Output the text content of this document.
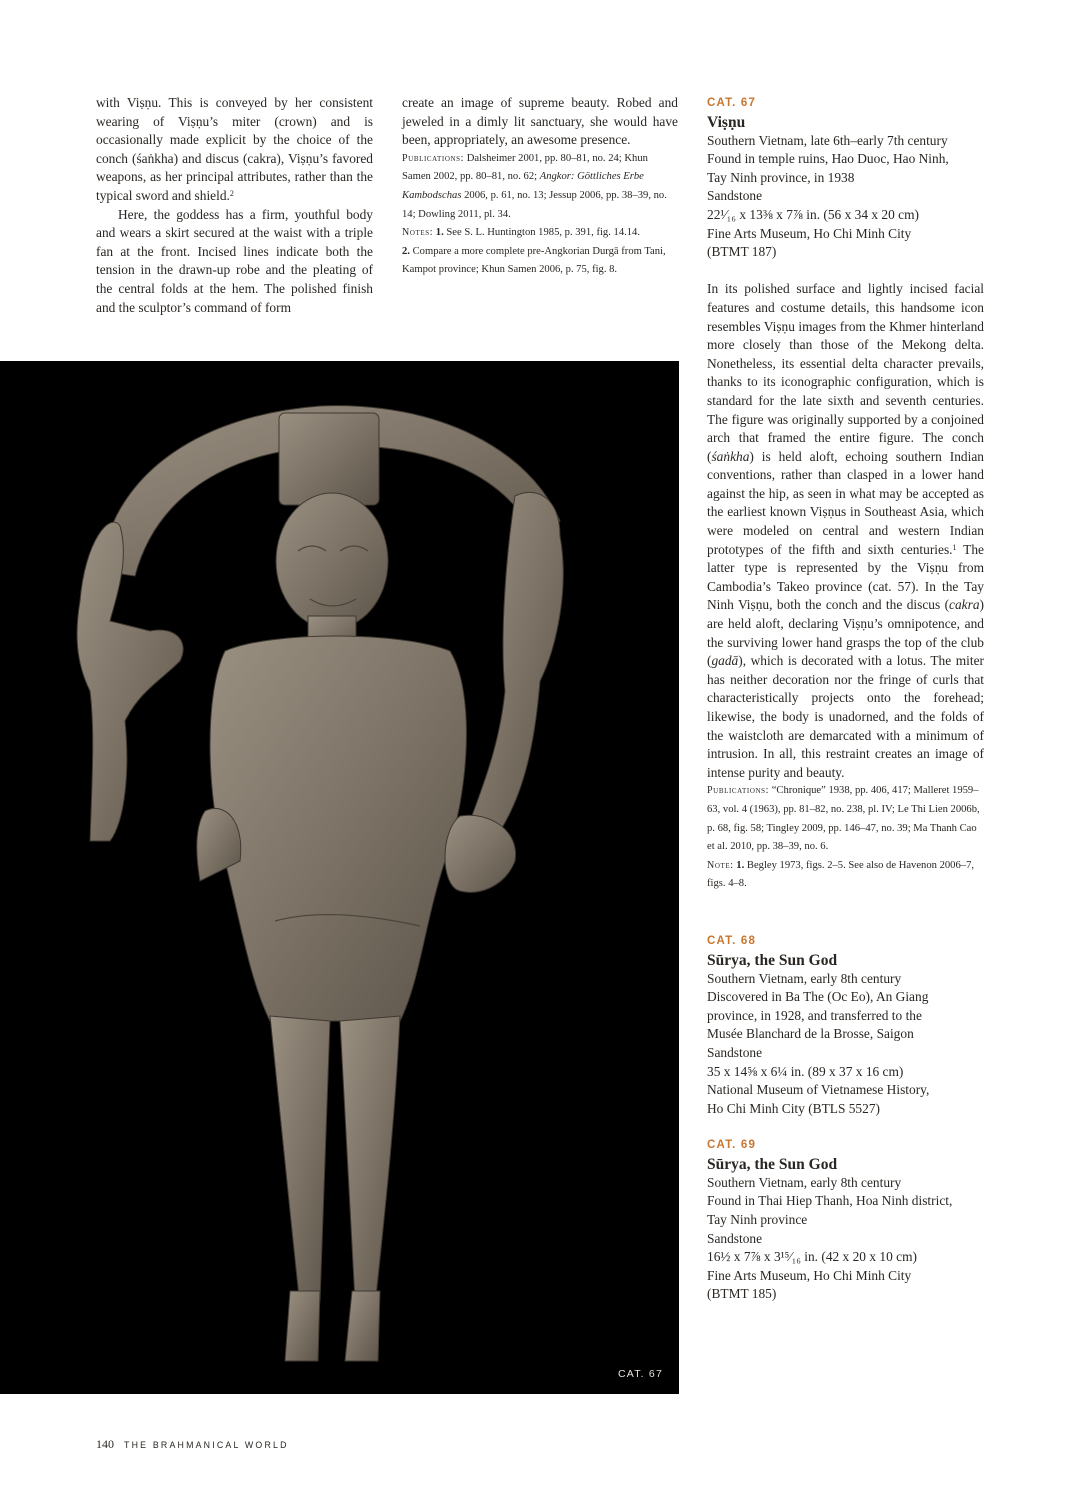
with Viṣṇu. This is conveyed by her consistent wearing of Viṣṇu’s miter (crown) and is occasionally made explicit by the choice of the conch (śaṅkha) and discus (cakra), Viṣṇu’s favored weapons, as her principal attributes, rather than the typical sword and shield.$^2$

Here, the goddess has a firm, youthful body and wears a skirt secured at the waist with a triple fan at the front. Incised lines indicate both the tension in the drawn-up robe and the pleating of the central folds at the hem. The polished finish and the sculptor’s command of form

create an image of supreme beauty. Robed and jeweled in a dimly lit sanctuary, she would have been, appropriately, an awesome presence.

Publications: Dalsheimer 2001, pp. 80–81, no. 24; Khun Samen 2002, pp. 80–81, no. 62; Angkor: Göttliches Erbe Kambodschas 2006, p. 61, no. 13; Jessup 2006, pp. 38–39, no. 14; Dowling 2011, pl. 34.

Notes: 1. See S. L. Huntington 1985, p. 391, fig. 14.14.
2. Compare a more complete pre-Angkorian Durgā from Tani, Kampot province; Khun Samen 2006, p. 75, fig. 8.

CAT. 67

CAT. 67

Viṣṇu

Southern Vietnam, late 6th–early 7th century

Found in temple ruins, Hao Duoc, Hao Ninh,

Tay Ninh province, in 1938

Sandstone

22¹⁄₁₆ x 13⅜ x 7⅞ in. (56 x 34 x 20 cm)

Fine Arts Museum, Ho Chi Minh City

(BTMT 187)

In its polished surface and lightly incised facial features and costume details, this handsome icon resembles Viṣṇu images from the Khmer hinterland more closely than those of the Mekong delta. Nonetheless, its essential delta character prevails, thanks to its iconographic configuration, which is standard for the late sixth and seventh centuries. The figure was originally supported by a conjoined arch that framed the entire figure. The conch (śaṅkha) is held aloft, echoing southern Indian conventions, rather than clasped in a lower hand against the hip, as seen in what may be accepted as the earliest known Viṣṇus in Southeast Asia, which were modeled on central and western Indian prototypes of the fifth and sixth centuries.$^1$ The latter type is represented by the Viṣṇu from Cambodia’s Takeo province (cat. 57). In the Tay Ninh Viṣṇu, both the conch and the discus (cakra) are held aloft, declaring Viṣṇu’s omnipotence, and the surviving lower hand grasps the top of the club (gadā), which is decorated with a lotus. The miter has neither decoration nor the fringe of curls that characteristically projects onto the forehead; likewise, the body is unadorned, and the folds of the waistcloth are demarcated with a minimum of intrusion. In all, this restraint creates an image of intense purity and beauty.

Publications: “Chronique” 1938, pp. 406, 417; Malleret 1959–63, vol. 4 (1963), pp. 81–82, no. 238, pl. IV; Le Thi Lien 2006b, p. 68, fig. 58; Tingley 2009, pp. 146–47, no. 39; Ma Thanh Cao et al. 2010, pp. 38–39, no. 6.

Note: 1. Begley 1973, figs. 2–5. See also de Havenon 2006–7, figs. 4–8.

CAT. 68

Sūrya, the Sun God

Southern Vietnam, early 8th century

Discovered in Ba The (Oc Eo), An Giang

province, in 1928, and transferred to the

Musée Blanchard de la Brosse, Saigon

Sandstone

35 x 14⅝ x 6¼ in. (89 x 37 x 16 cm)

National Museum of Vietnamese History,

Ho Chi Minh City (BTLS 5527)

CAT. 69

Sūrya, the Sun God

Southern Vietnam, early 8th century

Found in Thai Hiep Thanh, Hoa Ninh district,

Tay Ninh province

Sandstone

16½ x 7⅞ x 3¹⁵⁄₁₆ in. (42 x 20 x 10 cm)

Fine Arts Museum, Ho Chi Minh City

(BTMT 185)

140 THE BRAHMANICAL WORLD
